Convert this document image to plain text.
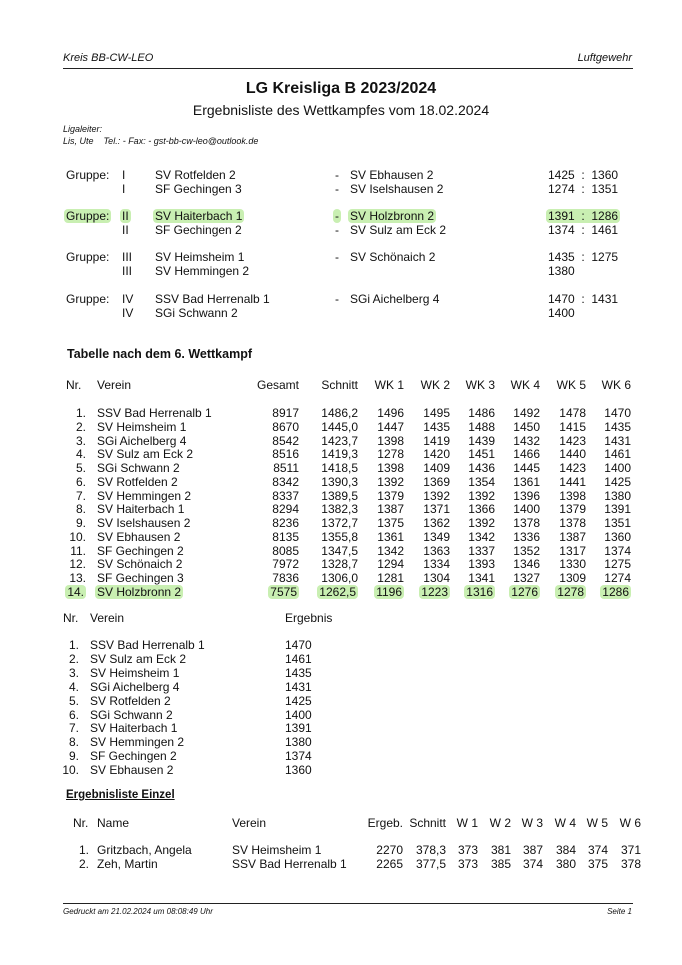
Kreis BB-CW-LEO	Luftgewehr
LG Kreisliga B 2023/2024
Ergebnisliste des Wettkampfes vom 18.02.2024
Ligaleiter:
Lis, Ute    Tel.: - Fax: - gst-bb-cw-leo@outlook.de
Gruppe: I SV Rotfelden 2	- SV Ebhausen 2	1425  :  1360
I SF Gechingen 3	- SV Iselshausen 2	1274  :  1351
Gruppe: II SV Haiterbach 1	- SV Holzbronn 2	1391  :  1286
II SF Gechingen 2	- SV Sulz am Eck 2	1374  :  1461
Gruppe: III SV Heimsheim 1	- SV Schönaich 2	1435  :  1275
III SV Hemmingen 2	1380
Gruppe: IV SSV Bad Herrenalb 1	- SGi Aichelberg 4	1470  :  1431
IV SGi Schwann 2	1400
Tabelle nach dem 6. Wettkampf
Nr. Verein	Gesamt Schnitt WK 1 WK 2 WK 3 WK 4 WK 5 WK 6
1. SSV Bad Herrenalb 1	8917 1486,2 1496 1495 1486 1492 1478 1470
2. SV Heimsheim 1	8670 1445,0 1447 1435 1488 1450 1415 1435
3. SGi Aichelberg 4	8542 1423,7 1398 1419 1439 1432 1423 1431
4. SV Sulz am Eck 2	8516 1419,3 1278 1420 1451 1466 1440 1461
5. SGi Schwann 2	8511 1418,5 1398 1409 1436 1445 1423 1400
6. SV Rotfelden 2	8342 1390,3 1392 1369 1354 1361 1441 1425
7. SV Hemmingen 2	8337 1389,5 1379 1392 1392 1396 1398 1380
8. SV Haiterbach 1	8294 1382,3 1387 1371 1366 1400 1379 1391
9. SV Iselshausen 2	8236 1372,7 1375 1362 1392 1378 1378 1351
10. SV Ebhausen 2	8135 1355,8 1361 1349 1342 1336 1387 1360
11. SF Gechingen 2	8085 1347,5 1342 1363 1337 1352 1317 1374
12. SV Schönaich 2	7972 1328,7 1294 1334 1393 1346 1330 1275
13. SF Gechingen 3	7836 1306,0 1281 1304 1341 1327 1309 1274
14. SV Holzbronn 2	7575 1262,5 1196 1223 1316 1276 1278 1286
Nr. Verein	Ergebnis
1. SSV Bad Herrenalb 1	1470
2. SV Sulz am Eck 2	1461
3. SV Heimsheim 1	1435
4. SGi Aichelberg 4	1431
5. SV Rotfelden 2	1425
6. SGi Schwann 2	1400
7. SV Haiterbach 1	1391
8. SV Hemmingen 2	1380
9. SF Gechingen 2	1374
10. SV Ebhausen 2	1360
Ergebnisliste Einzel
Nr. Name	Verein	Ergeb. Schnitt W 1 W 2 W 3 W 4 W 5 W 6
1. Gritzbach, Angela	SV Heimsheim 1	2270 378,3 373 381 387 384 374 371
2. Zeh, Martin	SSV Bad Herrenalb 1 2265 377,5 373 385 374 380 375 378
Gedruckt am 21.02.2024 um 08:08:49 Uhr	Seite 1
